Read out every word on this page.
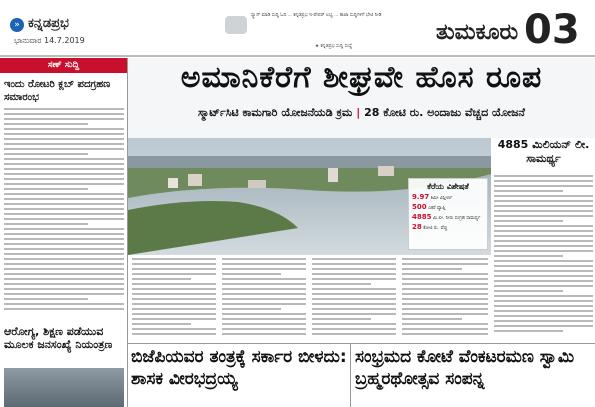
» ಕನ್ನಡಪ್ರಭ
ಭಾನುವಾರ 14.7.2019
ಸ್ಕ್ಯಾನ್ ಮಾಡಿ ಸುದ್ದಿ ಓದಿ ... ಕನ್ನಡಪ್ರಭ ಇ-ಪೇಪರ್ ಲಭ್ಯ ... ತಾಜಾ ಸುದ್ದಿಗಳಿಗೆ ಭೇಟಿ ನೀಡಿ
★ ಕನ್ನಡಪ್ರಭ ಸುದ್ದಿ ಸಂಸ್ಥೆ
ತುಮಕೂರು 03
ಸಣ್ ಸುದ್ದಿ
ಇಂದು ರೋಟರಿ ಕ್ಲಬ್‌ ಪದಗ್ರಹಣ ಸಮಾರಂಭ
ಆರೋಗ್ಯ, ಶಿಕ್ಷಣ ಪಡೆಯುವ ಮೂಲಕ ಜನಸಂಖ್ಯೆ ನಿಯಂತ್ರಣ
ಅಮಾನಿಕೆರೆಗೆ ಶೀಘ್ರವೇ ಹೊಸ ರೂಪ
ಸ್ಮಾರ್ಟ್‌ಸಿಟಿ ಕಾಮಗಾರಿ ಯೋಜನೆಯಡಿ ಕ್ರಮ | 28 ಕೋಟಿ ರು. ಅಂದಾಜು ವೆಚ್ಚದ ಯೋಜನೆ
ಕೆರೆಯ ವಿಶೇಷತೆ
9.97 ಕಿಮೀ ವಿಸ್ತೀರ್ಣ
500 ಎಕರೆ ವ್ಯಾಪ್ತಿ
4885 ಮಿ.ಲೀ. ನೀರು ಸಂಗ್ರಹ ಸಾಮರ್ಥ್ಯ
28 ಕೋಟಿ ರು. ವೆಚ್ಚ
4885 ಮಿಲಿಯನ್ ಲೀ. ಸಾಮರ್ಥ್ಯ
ಬಿಜೆಪಿಯವರ ತಂತ್ರಕ್ಕೆ ಸರ್ಕಾರ ಬೀಳದು: ಶಾಸಕ ವೀರಭದ್ರಯ್ಯ
ಸಂಭ್ರಮದ ಕೋಟೆ ವೆಂಕಟರಮಣ ಸ್ವಾಮಿ ಬ್ರಹ್ಮರಥೋತ್ಸವ ಸಂಪನ್ನ
